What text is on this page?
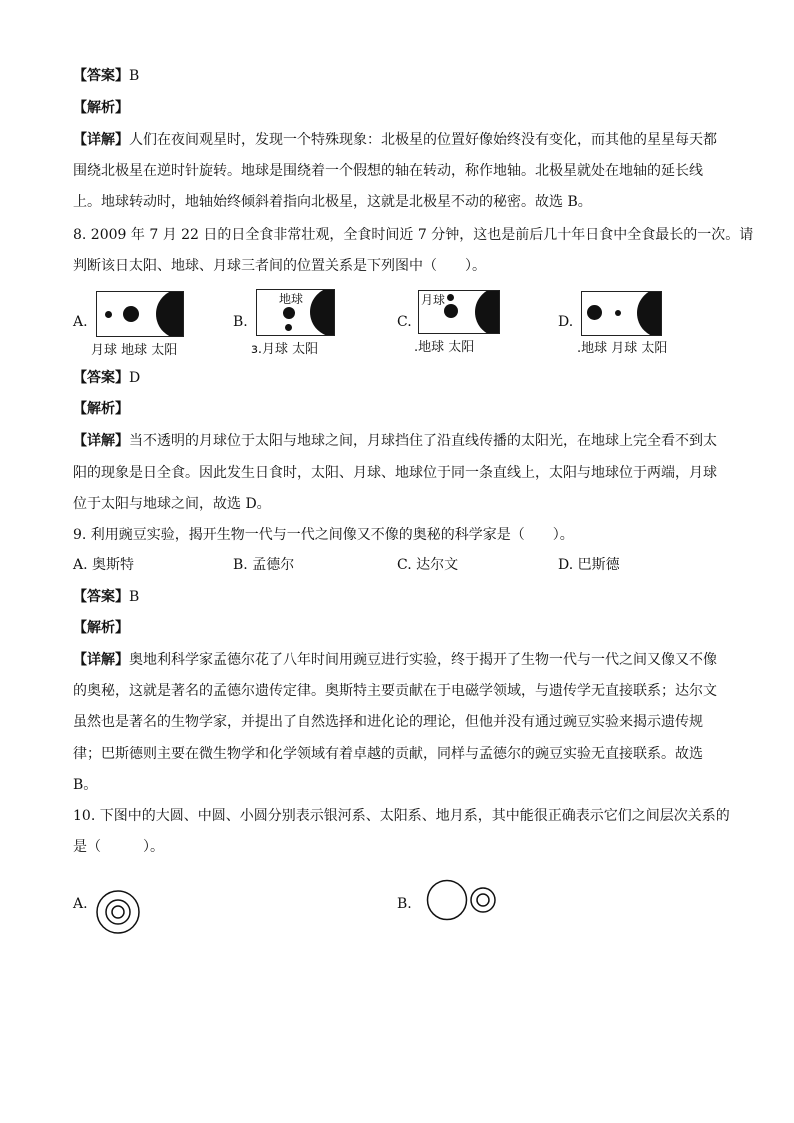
【答案】B
【解析】
【详解】人们在夜间观星时，发现一个特殊现象：北极星的位置好像始终没有变化，而其他的星星每天都
围绕北极星在逆时针旋转。地球是围绕着一个假想的轴在转动，称作地轴。北极星就处在地轴的延长线
上。地球转动时，地轴始终倾斜着指向北极星，这就是北极星不动的秘密。故选 B。
8. 2009 年 7 月 22 日的日全食非常壮观，全食时间近 7 分钟，这也是前后几十年日食中全食最长的一次。请
判断该日太阳、地球、月球三者间的位置关系是下列图中（　　）。
A.
月球 地球 太阳
B.
地球
ɜ.月球 太阳
C.
月球
.地球 太阳
D.
.地球 月球 太阳
【答案】D
【解析】
【详解】当不透明的月球位于太阳与地球之间，月球挡住了沿直线传播的太阳光，在地球上完全看不到太
阳的现象是日全食。因此发生日食时，太阳、月球、地球位于同一条直线上，太阳与地球位于两端，月球
位于太阳与地球之间，故选 D。
9. 利用豌豆实验，揭开生物一代与一代之间像又不像的奥秘的科学家是（　　）。
A. 奥斯特	B. 孟德尔	C. 达尔文	D. 巴斯德
【答案】B
【解析】
【详解】奥地利科学家孟德尔花了八年时间用豌豆进行实验，终于揭开了生物一代与一代之间又像又不像
的奥秘，这就是著名的孟德尔遗传定律。奥斯特主要贡献在于电磁学领域，与遗传学无直接联系；达尔文
虽然也是著名的生物学家，并提出了自然选择和进化论的理论，但他并没有通过豌豆实验来揭示遗传规
律；巴斯德则主要在微生物学和化学领域有着卓越的贡献，同样与孟德尔的豌豆实验无直接联系。故选
B。
10. 下图中的大圆、中圆、小圆分别表示银河系、太阳系、地月系，其中能很正确表示它们之间层次关系的
是（　　　）。
A.	B.
